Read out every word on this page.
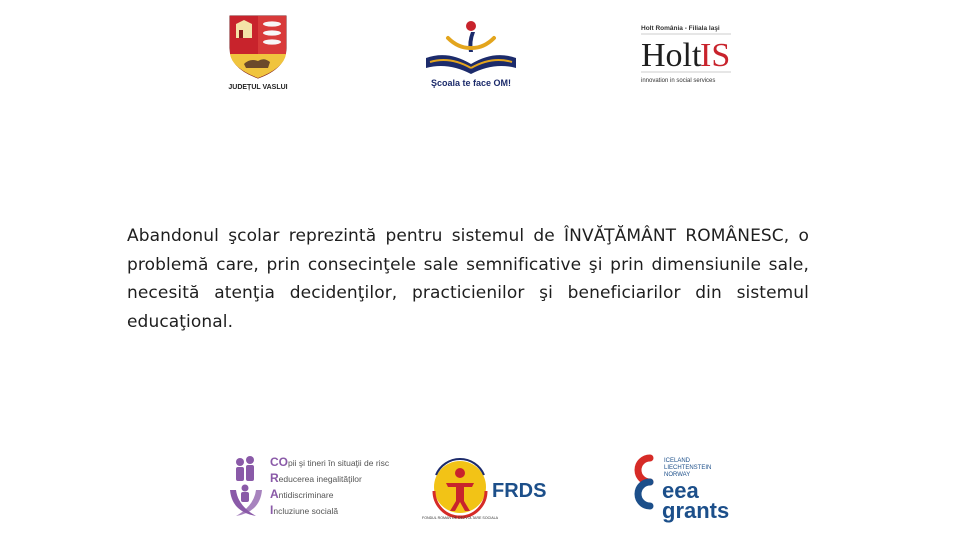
JUDEȚUL VASLUI	Şcoala te face OM!
Holt România - Filiala Iaşi
Holt
IS
innovation in social services

Abandonul şcolar reprezintă pentru sistemul de ÎNVĂŢĂMÂNT ROMÂNESC, o problemă care, prin consecinţele sale semnificative şi prin dimensiunile sale, necesită atenţia decidenţilor, practicienilor şi beneficiarilor din sistemul educaţional.

COpii şi tineri în situaţii de risc
Reducerea inegalităţilor
Antidiscriminare
Incluziune socială
FRDS
FONDUL ROMAN DE DEZVOLTARE SOCIALA
ICELAND
LIECHTENSTEIN
NORWAY
eea
grants
